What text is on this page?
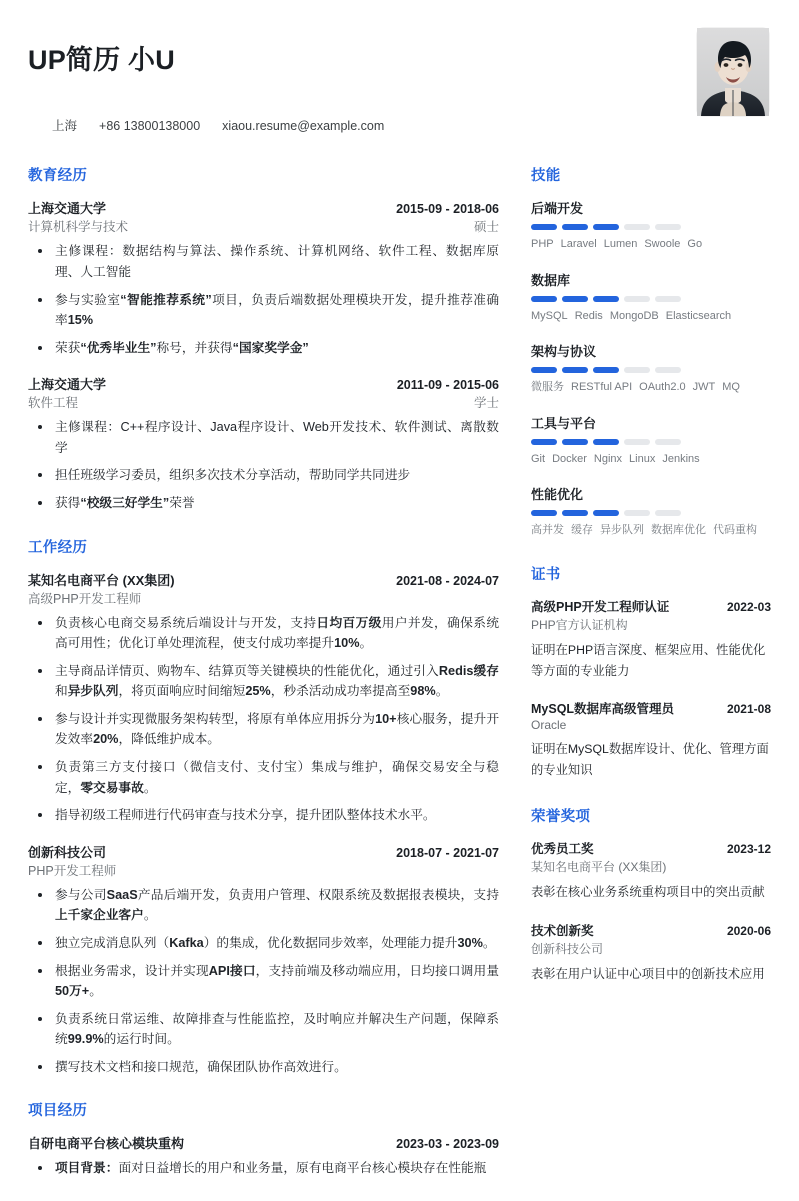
UP简历 小U
上海 +86 13800138000 xiaou.resume@example.com
教育经历
上海交通大学	2015-09 - 2018-06
计算机科学与技术	硕士
主修课程：数据结构与算法、操作系统、计算机网络、软件工程、数据库原理、人工智能
参与实验室“智能推荐系统”项目，负责后端数据处理模块开发，提升推荐准确率15%
荣获“优秀毕业生”称号，并获得“国家奖学金”
上海交通大学	2011-09 - 2015-06
软件工程	学士
主修课程：C++程序设计、Java程序设计、Web开发技术、软件测试、离散数学
担任班级学习委员，组织多次技术分享活动，帮助同学共同进步
获得“校级三好学生”荣誉
工作经历
某知名电商平台 (XX集团)	2021-08 - 2024-07
高级PHP开发工程师
负责核心电商交易系统后端设计与开发，支持日均百万级用户并发，确保系统高可用性；优化订单处理流程，使支付成功率提升10%。
主导商品详情页、购物车、结算页等关键模块的性能优化，通过引入Redis缓存和异步队列，将页面响应时间缩短25%，秒杀活动成功率提高至98%。
参与设计并实现微服务架构转型，将原有单体应用拆分为10+核心服务，提升开发效率20%，降低维护成本。
负责第三方支付接口（微信支付、支付宝）集成与维护，确保交易安全与稳定，零交易事故。
指导初级工程师进行代码审查与技术分享，提升团队整体技术水平。
创新科技公司	2018-07 - 2021-07
PHP开发工程师
参与公司SaaS产品后端开发，负责用户管理、权限系统及数据报表模块，支持上千家企业客户。
独立完成消息队列（Kafka）的集成，优化数据同步效率，处理能力提升30%。
根据业务需求，设计并实现API接口，支持前端及移动端应用，日均接口调用量50万+。
负责系统日常运维、故障排查与性能监控，及时响应并解决生产问题，保障系统99.9%的运行时间。
撰写技术文档和接口规范，确保团队协作高效进行。
项目经历
自研电商平台核心模块重构	2023-03 - 2023-09
项目背景：面对日益增长的用户和业务量，原有电商平台核心模块存在性能瓶
技能
后端开发
PHP Laravel Lumen Swoole Go
数据库
MySQL Redis MongoDB Elasticsearch
架构与协议
微服务 RESTful API OAuth2.0 JWT MQ
工具与平台
Git Docker Nginx Linux Jenkins
性能优化
高并发 缓存 异步队列 数据库优化 代码重构
证书
高级PHP开发工程师认证	2022-03
PHP官方认证机构
证明在PHP语言深度、框架应用、性能优化等方面的专业能力
MySQL数据库高级管理员	2021-08
Oracle
证明在MySQL数据库设计、优化、管理方面的专业知识
荣誉奖项
优秀员工奖	2023-12
某知名电商平台 (XX集团)
表彰在核心业务系统重构项目中的突出贡献
技术创新奖	2020-06
创新科技公司
表彰在用户认证中心项目中的创新技术应用
